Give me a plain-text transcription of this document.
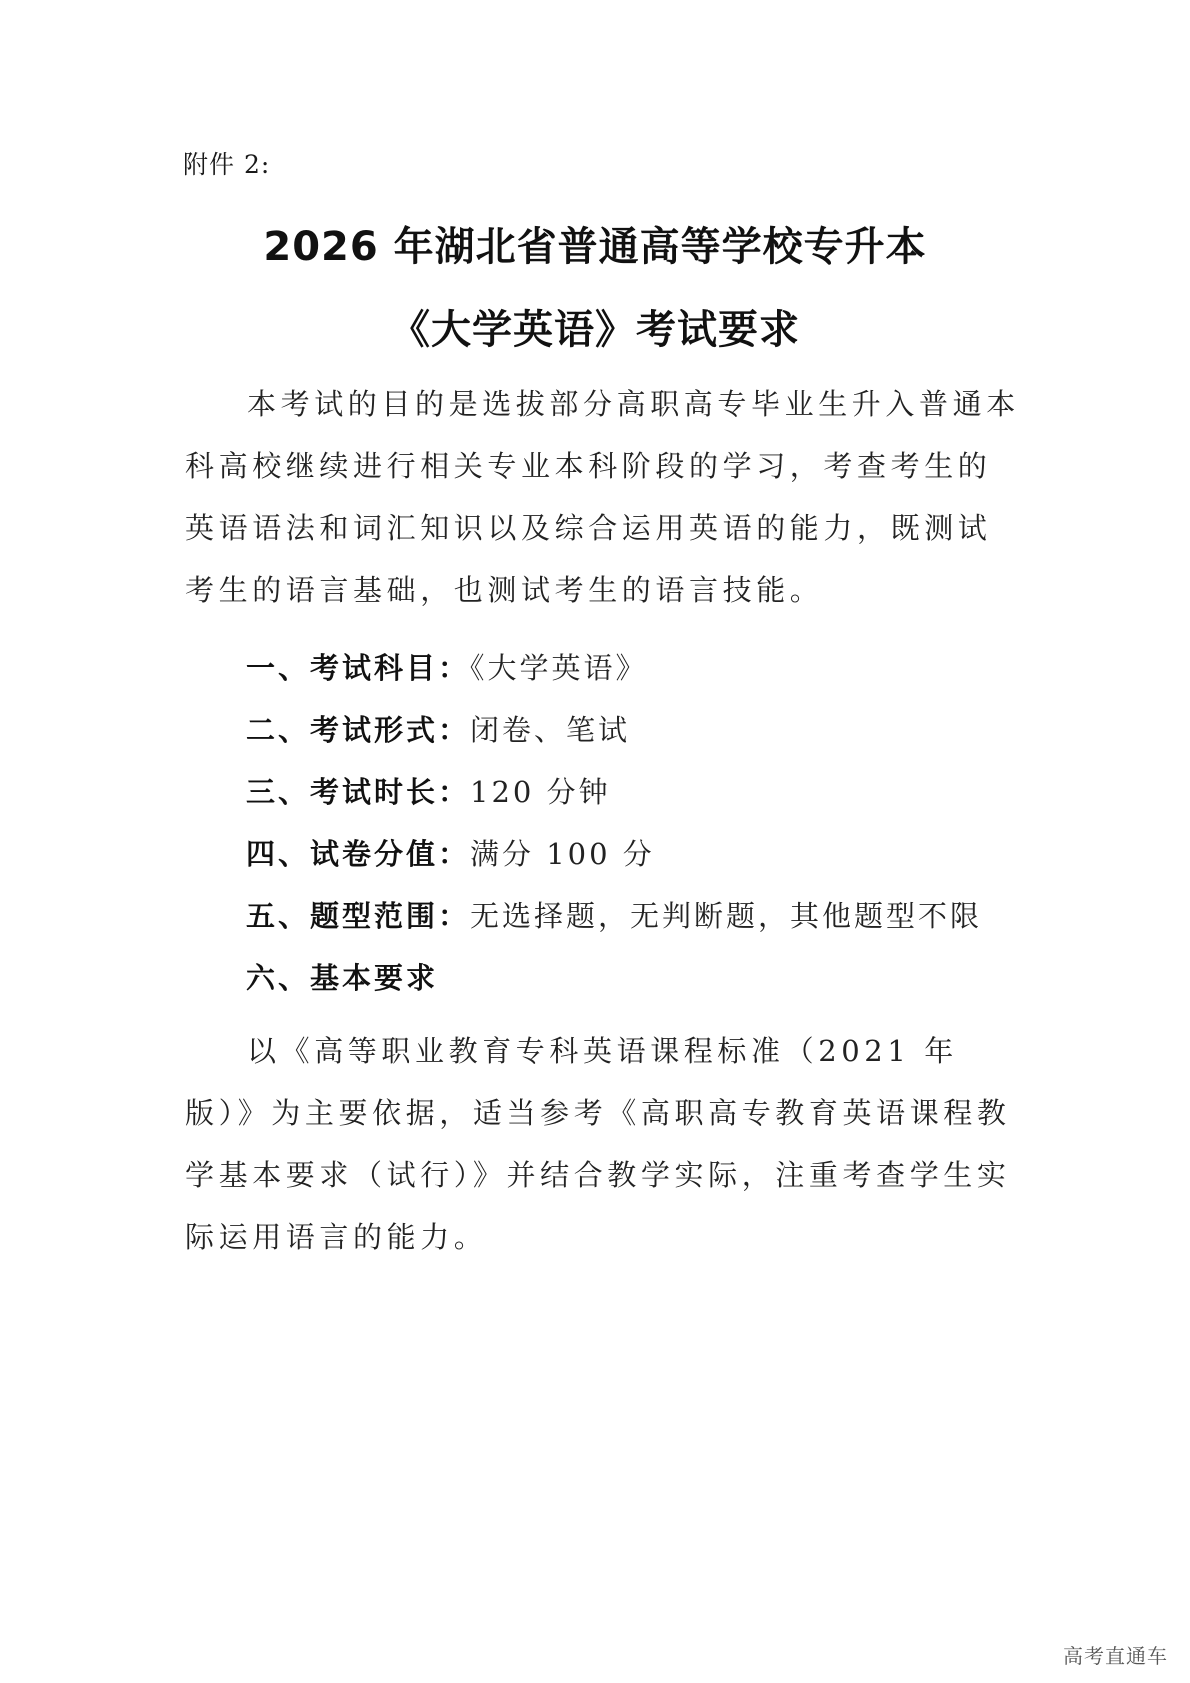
附件 2:
2026 年湖北省普通高等学校专升本
《大学英语》考试要求

本考试的目的是选拔部分高职高专毕业生升入普通本科高校继续进行相关专业本科阶段的学习，考查考生的英语语法和词汇知识以及综合运用英语的能力，既测试考生的语言基础，也测试考生的语言技能。

一、考试科目：《大学英语》
二、考试形式：闭卷、笔试
三、考试时长：120 分钟
四、试卷分值：满分 100 分
五、题型范围：无选择题，无判断题，其他题型不限
六、基本要求

以《高等职业教育专科英语课程标准（2021 年版）》为主要依据，适当参考《高职高专教育英语课程教学基本要求（试行）》并结合教学实际，注重考查学生实际运用语言的能力。

高考直通车
